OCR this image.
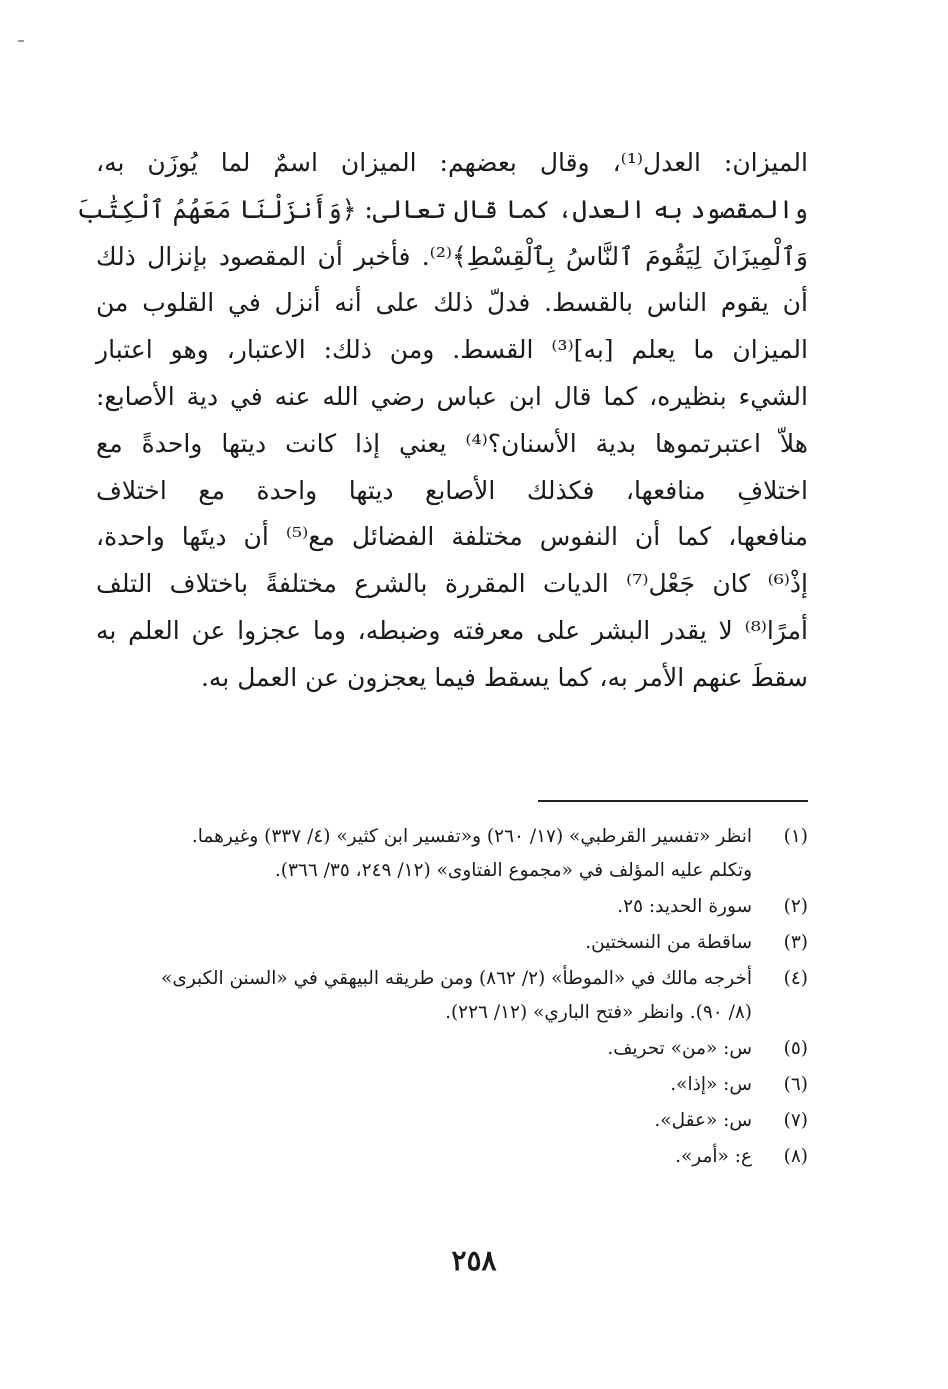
الميزان: العدل⁽¹⁾، وقال بعضهم: الميزان اسمٌ لما يُوزَن به،
والمقصود به العدل، كما قال تعالى: ﴿وَأَنزَلْنَا مَعَهُمُ ٱلْكِتَٰبَ
وَٱلْمِيزَانَ لِيَقُومَ ٱلنَّاسُ بِٱلْقِسْطِ﴾⁽²⁾. فأخبر أن المقصود بإنزال ذلك
أن يقوم الناس بالقسط. فدلّ ذلك على أنه أنزل في القلوب من
الميزان ما يعلم [به]⁽³⁾ القسط. ومن ذلك: الاعتبار، وهو اعتبار
الشيء بنظيره، كما قال ابن عباس رضي الله عنه في دية الأصابع:
هلاّ اعتبرتموها بدية الأسنان؟⁽⁴⁾ يعني إذا كانت ديتها واحدةً مع
اختلافِ منافعها، فكذلك الأصابع ديتها واحدة مع اختلاف
منافعها، كما أن النفوس مختلفة الفضائل مع⁽⁵⁾ أن ديتَها واحدة،
إذْ⁽⁶⁾ كان جَعْل⁽⁷⁾ الديات المقررة بالشرع مختلفةً باختلاف التلف
أمرًا⁽⁸⁾ لا يقدر البشر على معرفته وضبطه، وما عجزوا عن العلم به
سقطَ عنهم الأمر به، كما يسقط فيما يعجزون عن العمل به.
(١)
انظر «تفسير القرطبي» (١٧/ ٢٦٠) و«تفسير ابن كثير» (٤/ ٣٣٧) وغيرهما.
وتكلم عليه المؤلف في «مجموع الفتاوى» (١٢/ ٢٤٩، ٣٥/ ٣٦٦).
(٢)
سورة الحديد: ٢٥.
(٣)
ساقطة من النسختين.
(٤)
أخرجه مالك في «الموطأ» (٢/ ٨٦٢) ومن طريقه البيهقي في «السنن الكبرى»
(٨/ ٩٠). وانظر «فتح الباري» (١٢/ ٢٢٦).
(٥)
س: «من» تحريف.
(٦)
س: «إذا».
(٧)
س: «عقل».
(٨)
ع: «أمر».
٢٥٨
